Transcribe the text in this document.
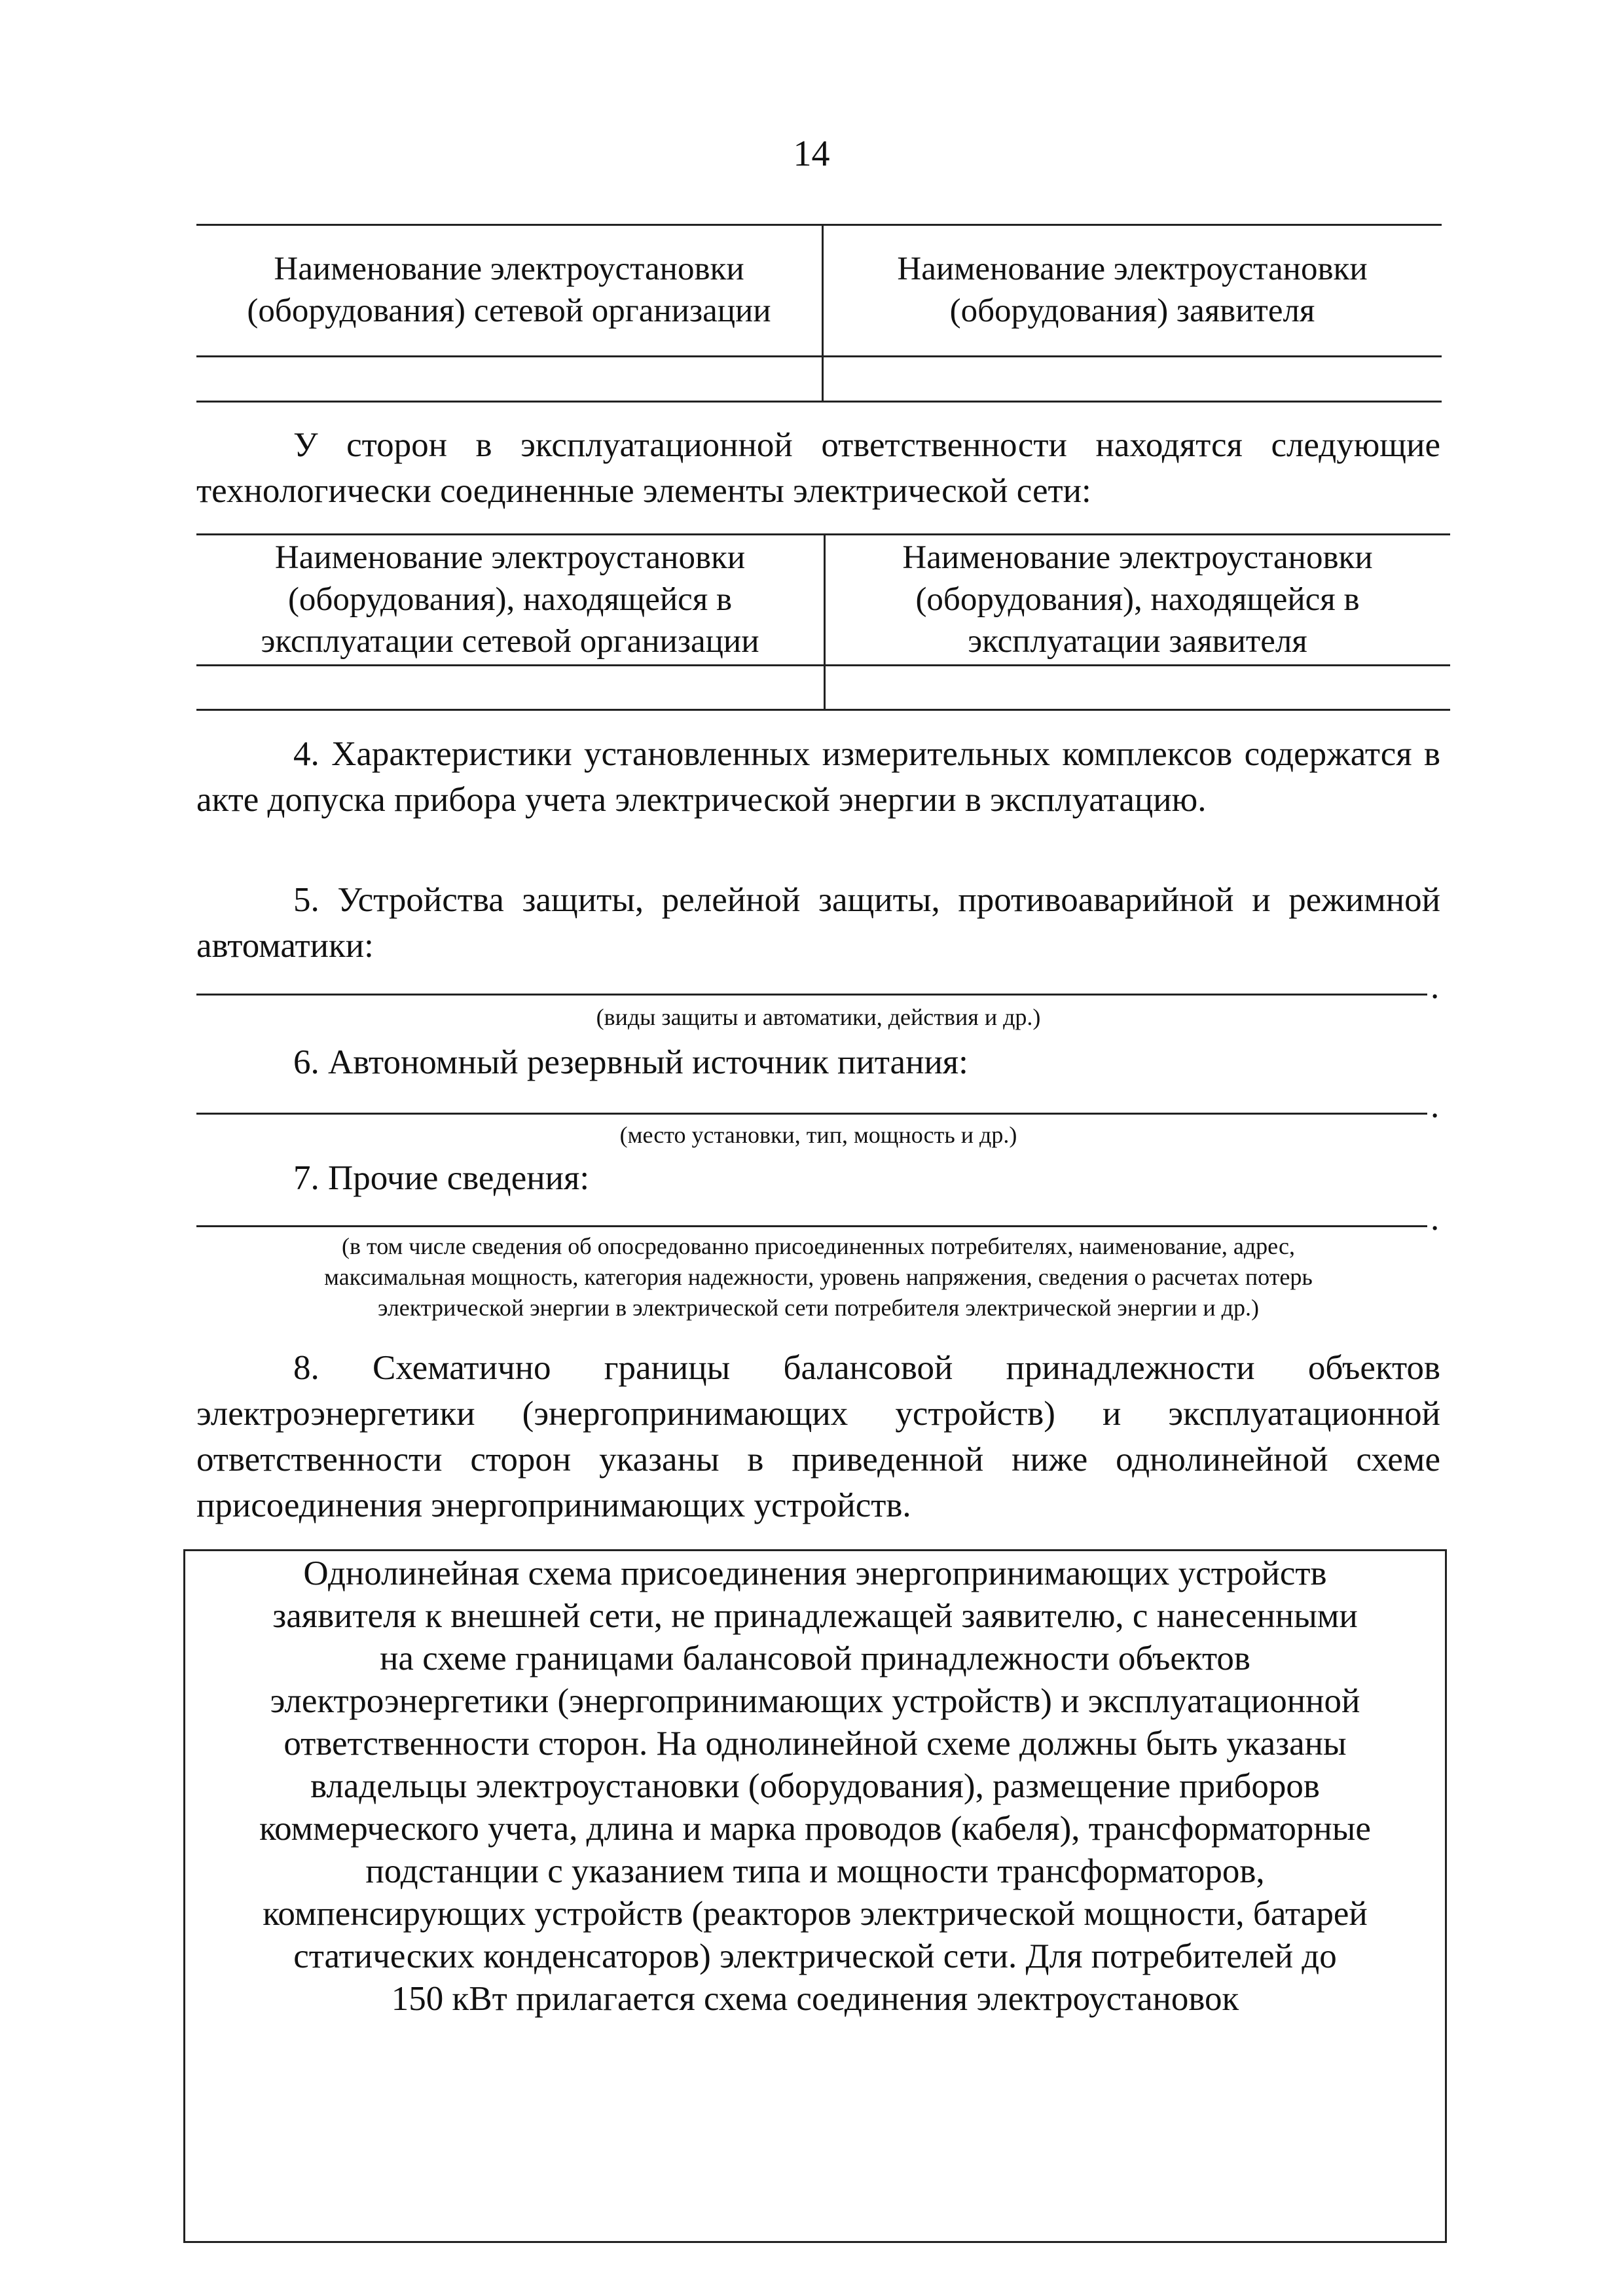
14
Наименование электроустановки (оборудования) сетевой организации
Наименование электроустановки (оборудования) заявителя
У сторон в эксплуатационной ответственности находятся следующие технологически соединенные элементы электрической сети:
Наименование электроустановки (оборудования), находящейся в эксплуатации сетевой организации
Наименование электроустановки (оборудования), находящейся в эксплуатации заявителя
4. Характеристики установленных измерительных комплексов содержатся в акте допуска прибора учета электрической энергии в эксплуатацию.
5. Устройства защиты, релейной защиты, противоаварийной и режимной автоматики:
.
(виды защиты и автоматики, действия и др.)
6. Автономный резервный источник питания:
.
(место установки, тип, мощность и др.)
7. Прочие сведения:
.
(в том числе сведения об опосредованно присоединенных потребителях, наименование, адрес,
максимальная мощность, категория надежности, уровень напряжения, сведения о расчетах потерь
электрической энергии в электрической сети потребителя электрической энергии и др.)
8. Схематично границы балансовой принадлежности объектов электроэнергетики (энергопринимающих устройств) и эксплуатационной ответственности сторон указаны в приведенной ниже однолинейной схеме присоединения энергопринимающих устройств.
Однолинейная схема присоединения энергопринимающих устройств
заявителя к внешней сети, не принадлежащей заявителю, с нанесенными
на схеме границами балансовой принадлежности объектов
электроэнергетики (энергопринимающих устройств) и эксплуатационной
ответственности сторон. На однолинейной схеме должны быть указаны
владельцы электроустановки (оборудования), размещение приборов
коммерческого учета, длина и марка проводов (кабеля), трансформаторные
подстанции с указанием типа и мощности трансформаторов,
компенсирующих устройств (реакторов электрической мощности, батарей
статических конденсаторов) электрической сети. Для потребителей до
150 кВт прилагается схема соединения электроустановок
